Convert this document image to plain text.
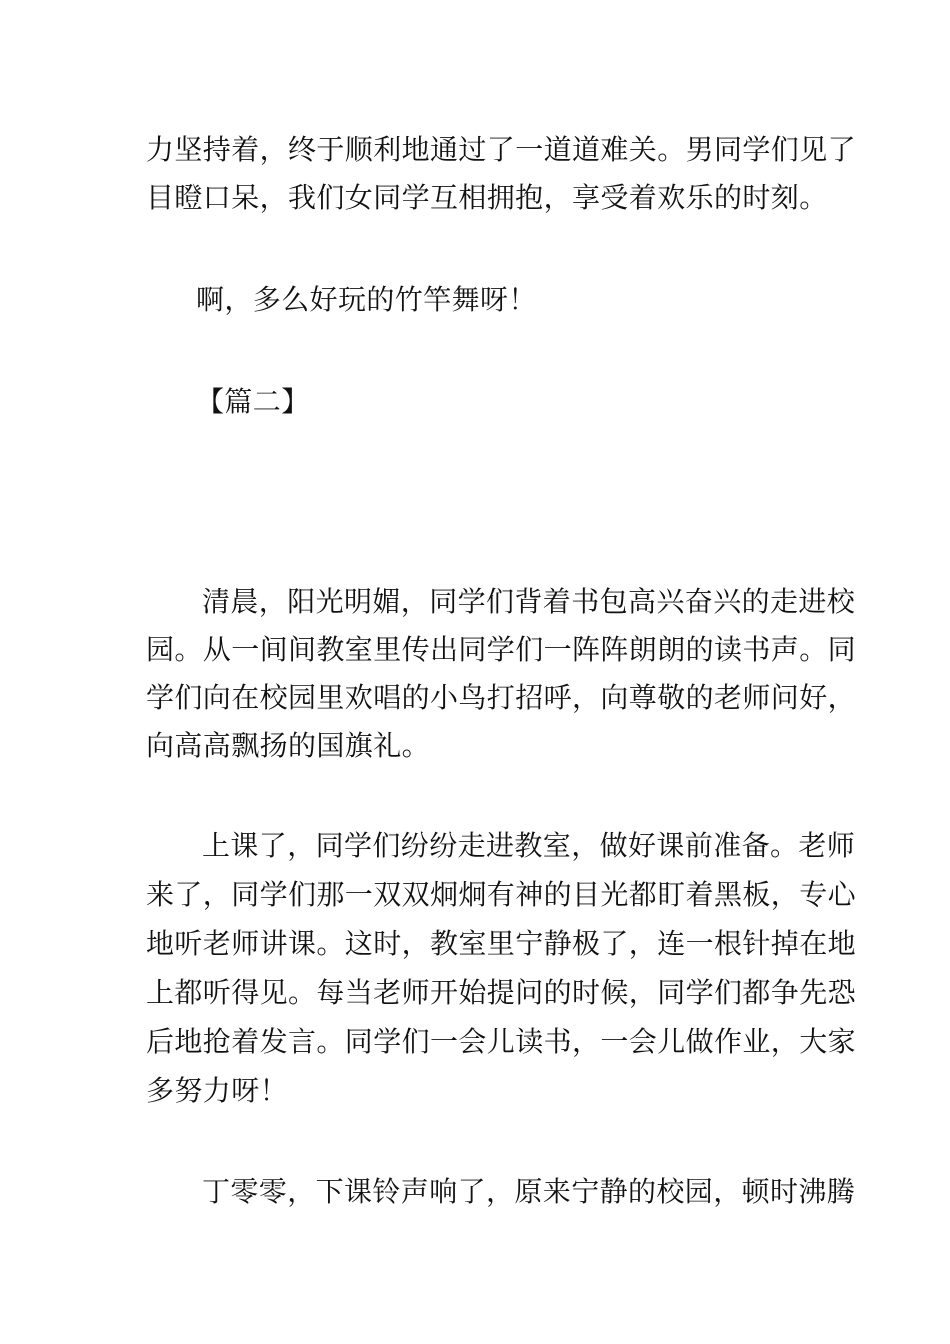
力坚持着，终于顺利地通过了一道道难关。男同学们见了
目瞪口呆，我们女同学互相拥抱，享受着欢乐的时刻。
啊，多么好玩的竹竿舞呀！
【篇二】
清晨，阳光明媚，同学们背着书包高兴奋兴的走进校
园。从一间间教室里传出同学们一阵阵朗朗的读书声。同
学们向在校园里欢唱的小鸟打招呼，向尊敬的老师问好，
向高高飘扬的国旗礼。
上课了，同学们纷纷走进教室，做好课前准备。老师
来了，同学们那一双双炯炯有神的目光都盯着黑板，专心
地听老师讲课。这时，教室里宁静极了，连一根针掉在地
上都听得见。每当老师开始提问的时候，同学们都争先恐
后地抢着发言。同学们一会儿读书，一会儿做作业，大家
多努力呀！
丁零零，下课铃声响了，原来宁静的校园，顿时沸腾
